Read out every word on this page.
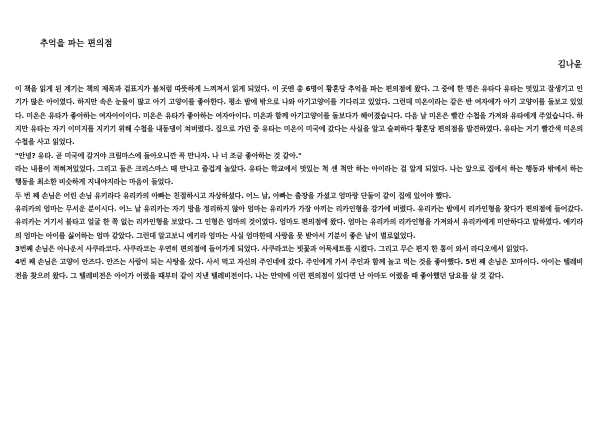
추억을 파는 편의점
김나윤

이 책을 읽게 된 계기는 책의 제목과 겉표지가 볼처럼 따뜻하게 느껴져서 읽게 되었다. 이 곳엔 총 6명이 황혼당 추억을 파는 편의점에 왔다. 그 중에 한 명은 유타다 유타는 멋있고 잘생기고 인기가 많은 아이였다. 하지만 속은 눈물이 많고 아기 고양이를 좋아한다. 평소 밤에 밖으로 나와 아기고양이를 기다리고 있었다. 그런데 미온이라는 같은 반 여자애가 아기 고양이를 돌보고 있었다. 미온은 유타가 좋아하는 여자아이이다. 미온은 유타가 좋아하는 여자아이다. 미온과 함께 아기고양이를 돌보다가 헤어졌습니다. 다음 날 미온은 빨간 수첩을 가져와 유타에게 주었습니다. 하지만 유타는 자기 이미지를 지키기 위해 수첩을 내동댕이 쳐버렸다. 집으로 가던 중 유타는 미온이 미국에 갔다는 사실을 알고 슬퍼하다 황혼당 편의점을 발견하였다. 유타는 거기 빨간색 미온의 수첩을 사고 읽었다.

"안녕? 유타. 곧 미국에 갈거야 크림마스에 돌아오니깐 꼭 만나자. 나 너 조금 좋아하는 것 같아."

라는 내용이 적혀져있었다. 그리고 둘은 크리스마스 때 만나고 즐겁게 놀았다. 유타는 학교에서 멋있는 척 센 척만 하는 아이라는 걸 알게 되었다. 나는 앞으로 집에서 하는 행동과 밖에서 하는 행동을 최소한 비슷하게 지내야지라는 마음이 들었다.

두 번 째 손님은 어린 손님 유키라다 유리카의 아빠는 친절하시고 자상하셨다. 어느 날, 아빠는 출장을 가셨고 엄마랑 단둘이 같이 집에 있어야 했다.

유리카의 엄마는 무서운 분이시다. 어느 날 유리카는 자기 방을 정리하지 않아 엄마는 유리카가 가장 아끼는 리카인형을 강가에 버렸다. 유리카는 밤에서 리카인형을 찾다가 편의점에 들어갔다. 유리카는 거기서 불타고 얼굴 한 쪽 없는 리카인형을 보았다. 그 인형은 엄마의 것이였다. 엄마도 편의점에 왔다. 엄마는 유리카의 리카인형을 가져와서 유리카에게 미안하다고 말하였다. 예키라의 엄마는 아이를 싫어하는 엄마 같았다. 그런데 알고보니 예키라 엄마는 사실 엄마한테 사랑을 못 받아서 기분이 좋은 날이 별로없었다.

3번째 손님은 아나운서 사쿠라코다. 사쿠라코는 우연히 편의점에 들어가게 되었다. 사쿠라코는 빗꽃과 어묵세트를 시켰다. 그리고 무슨 편지 한 통이 와서 라디오에서 읽었다.

4번 째 손님은 고양이 안즈다. 안즈는 사람이 되는 사탕을 샀다. 사서 먹고 자신의 주인네에 갔다. 주인에게 가서 주인과 함께 놀고 먹는 것을 좋아했다. 5번 째 손님은 꼬마이다. 아이는 텔레비전을 찾으러 왔다. 그 텔레비전은 아이가 어렸을 때부터 같이 지낸 텔레비전이다. 나는 만약에 이런 편의점이 있다면 난 아마도 어렸을 때 좋아했던 담요를 살 것 같다.
